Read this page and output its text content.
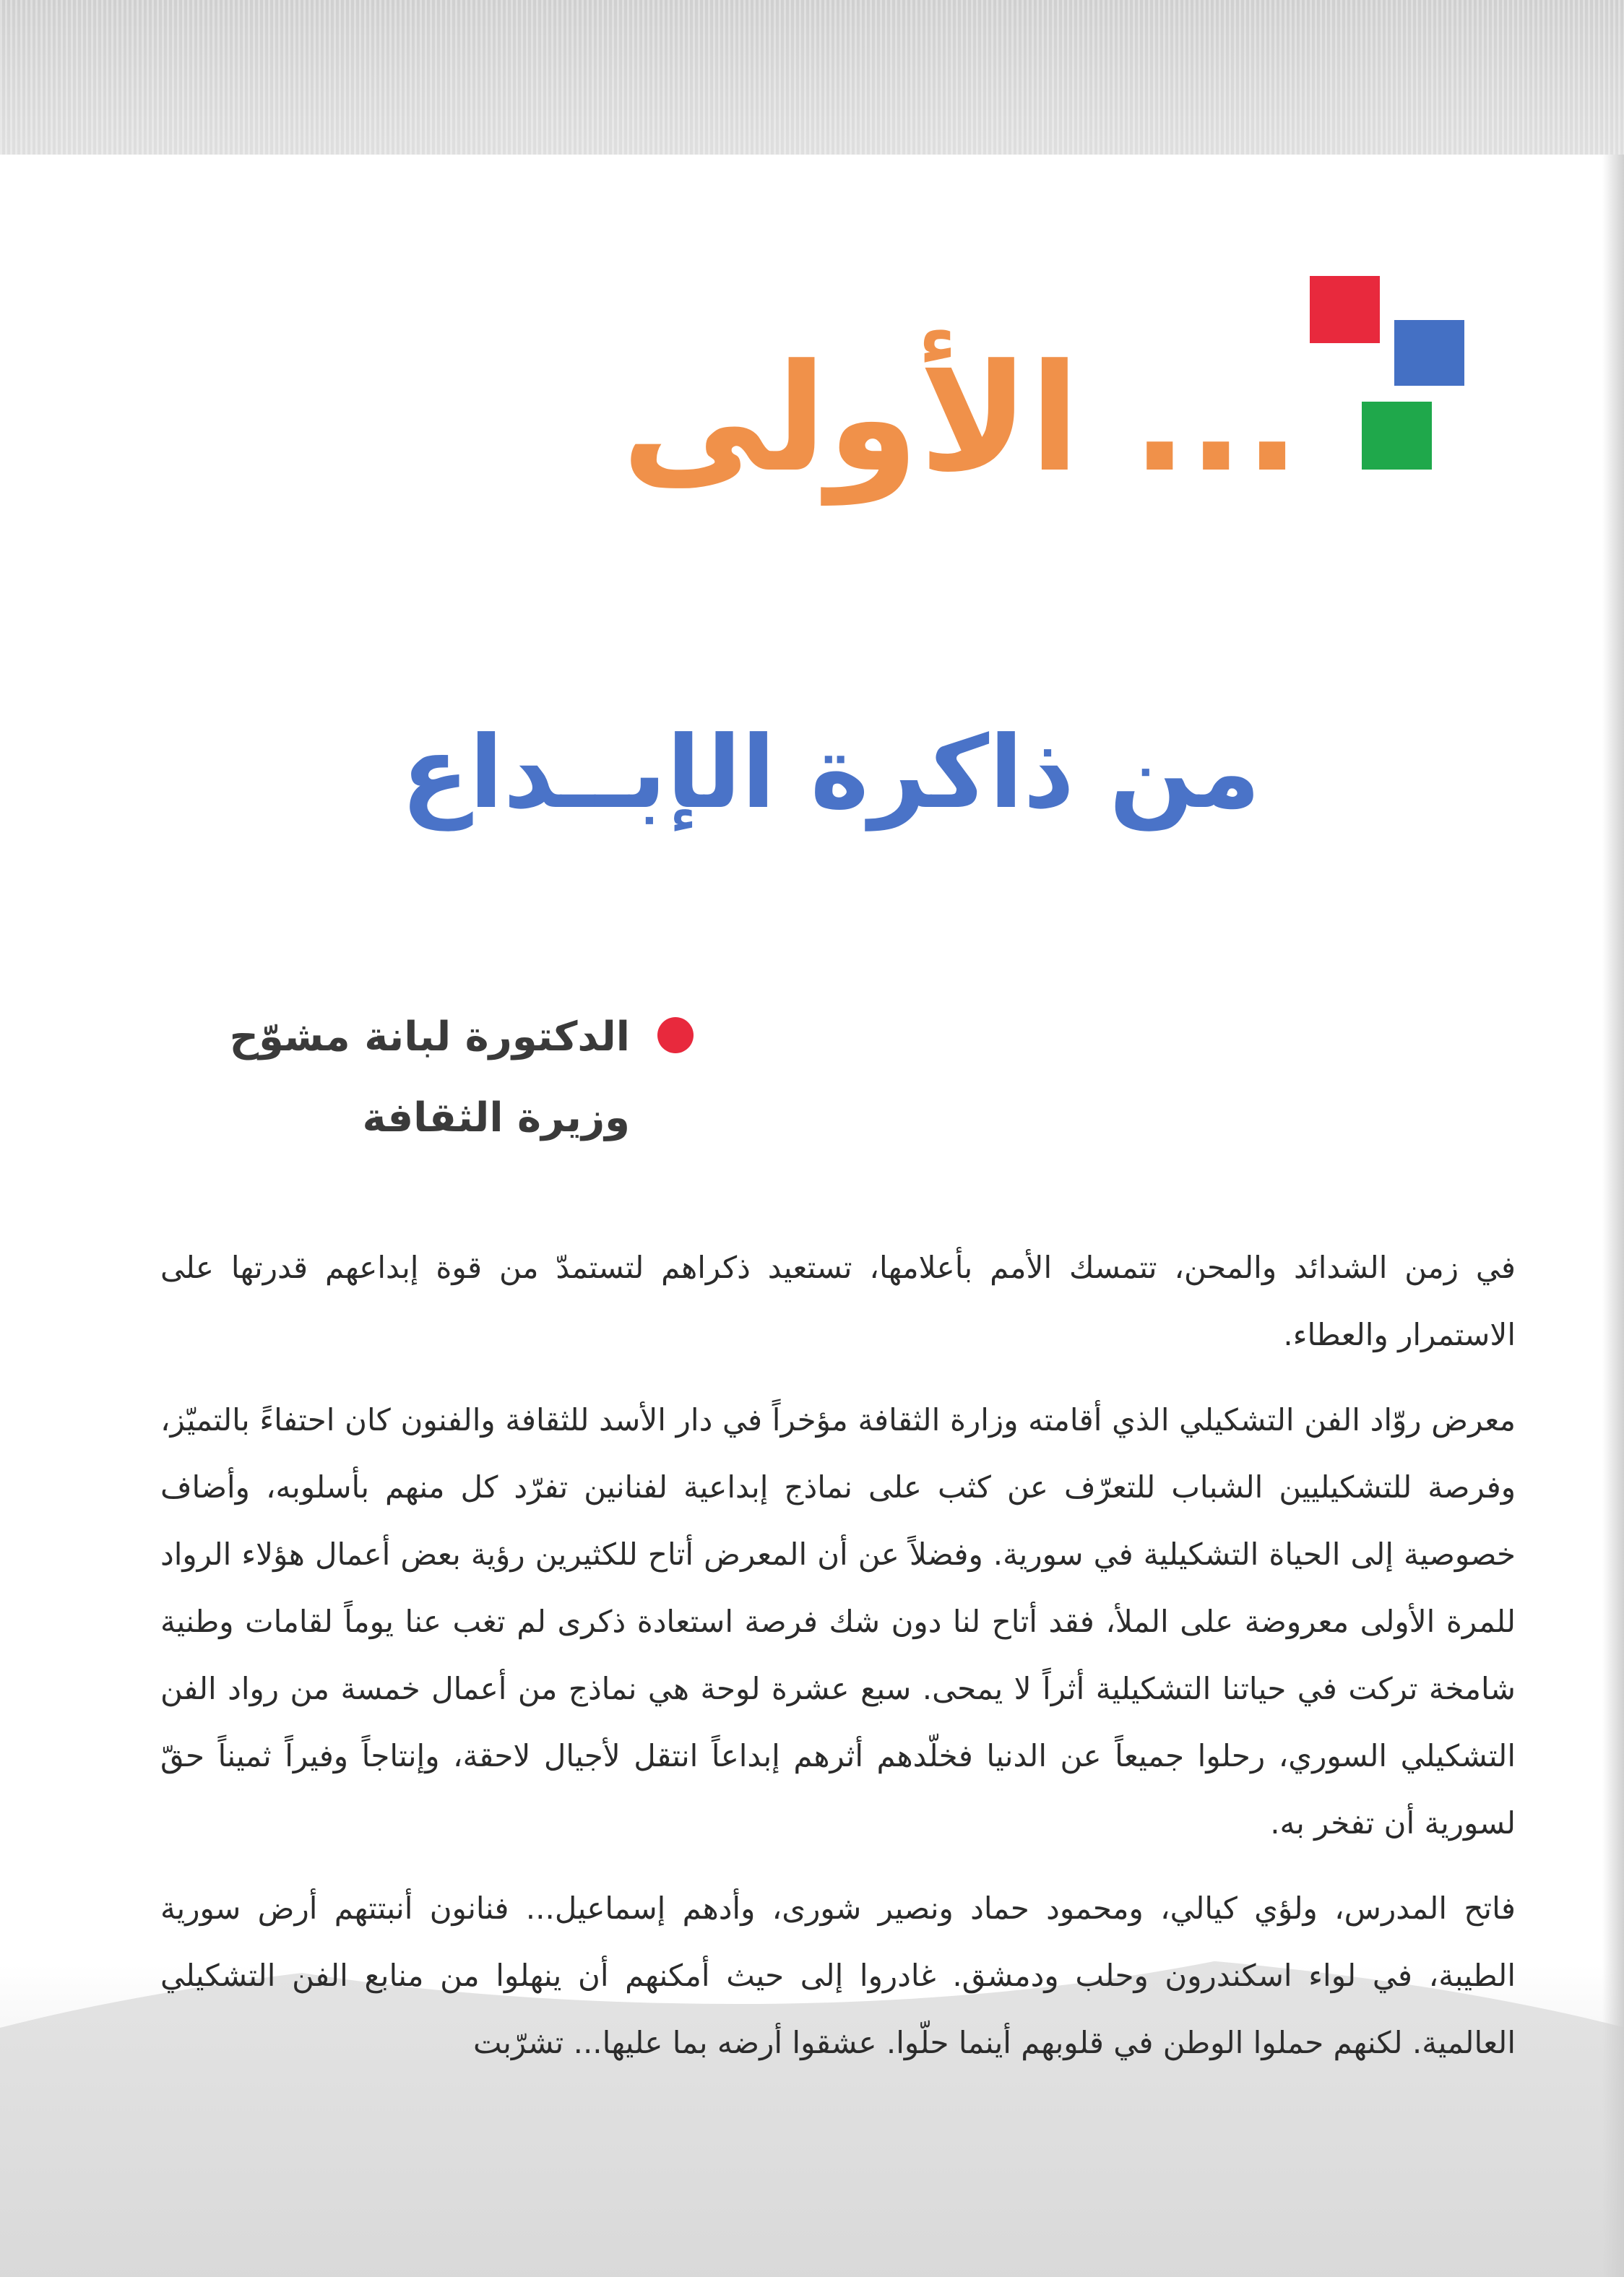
... الأولى
من ذاكرة الإبــداع
الدكتورة لبانة مشوّح
وزيرة الثقافة

في زمن الشدائد والمحن، تتمسك الأمم بأعلامها، تستعيد ذكراهم لتستمدّ من قوة إبداعهم قدرتها على الاستمرار والعطاء.

معرض روّاد الفن التشكيلي الذي أقامته وزارة الثقافة مؤخراً في دار الأسد للثقافة والفنون كان احتفاءً بالتميّز، وفرصة للتشكيليين الشباب للتعرّف عن كثب على نماذج إبداعية لفنانين تفرّد كل منهم بأسلوبه، وأضاف خصوصية إلى الحياة التشكيلية في سورية. وفضلاً عن أن المعرض أتاح للكثيرين رؤية بعض أعمال هؤلاء الرواد للمرة الأولى معروضة على الملأ، فقد أتاح لنا دون شك فرصة استعادة ذكرى لم تغب عنا يوماً لقامات وطنية شامخة تركت في حياتنا التشكيلية أثراً لا يمحى. سبع عشرة لوحة هي نماذج من أعمال خمسة من رواد الفن التشكيلي السوري، رحلوا جميعاً عن الدنيا فخلّدهم أثرهم إبداعاً انتقل لأجيال لاحقة، وإنتاجاً وفيراً ثميناً حقّ لسورية أن تفخر به.

فاتح المدرس، ولؤي كيالي، ومحمود حماد ونصير شورى، وأدهم إسماعيل... فنانون أنبتتهم أرض سورية الطيبة، في لواء اسكندرون وحلب ودمشق. غادروا إلى حيث أمكنهم أن ينهلوا من منابع الفن التشكيلي العالمية. لكنهم حملوا الوطن في قلوبهم أينما حلّوا. عشقوا أرضه بما عليها... تشرّبت
